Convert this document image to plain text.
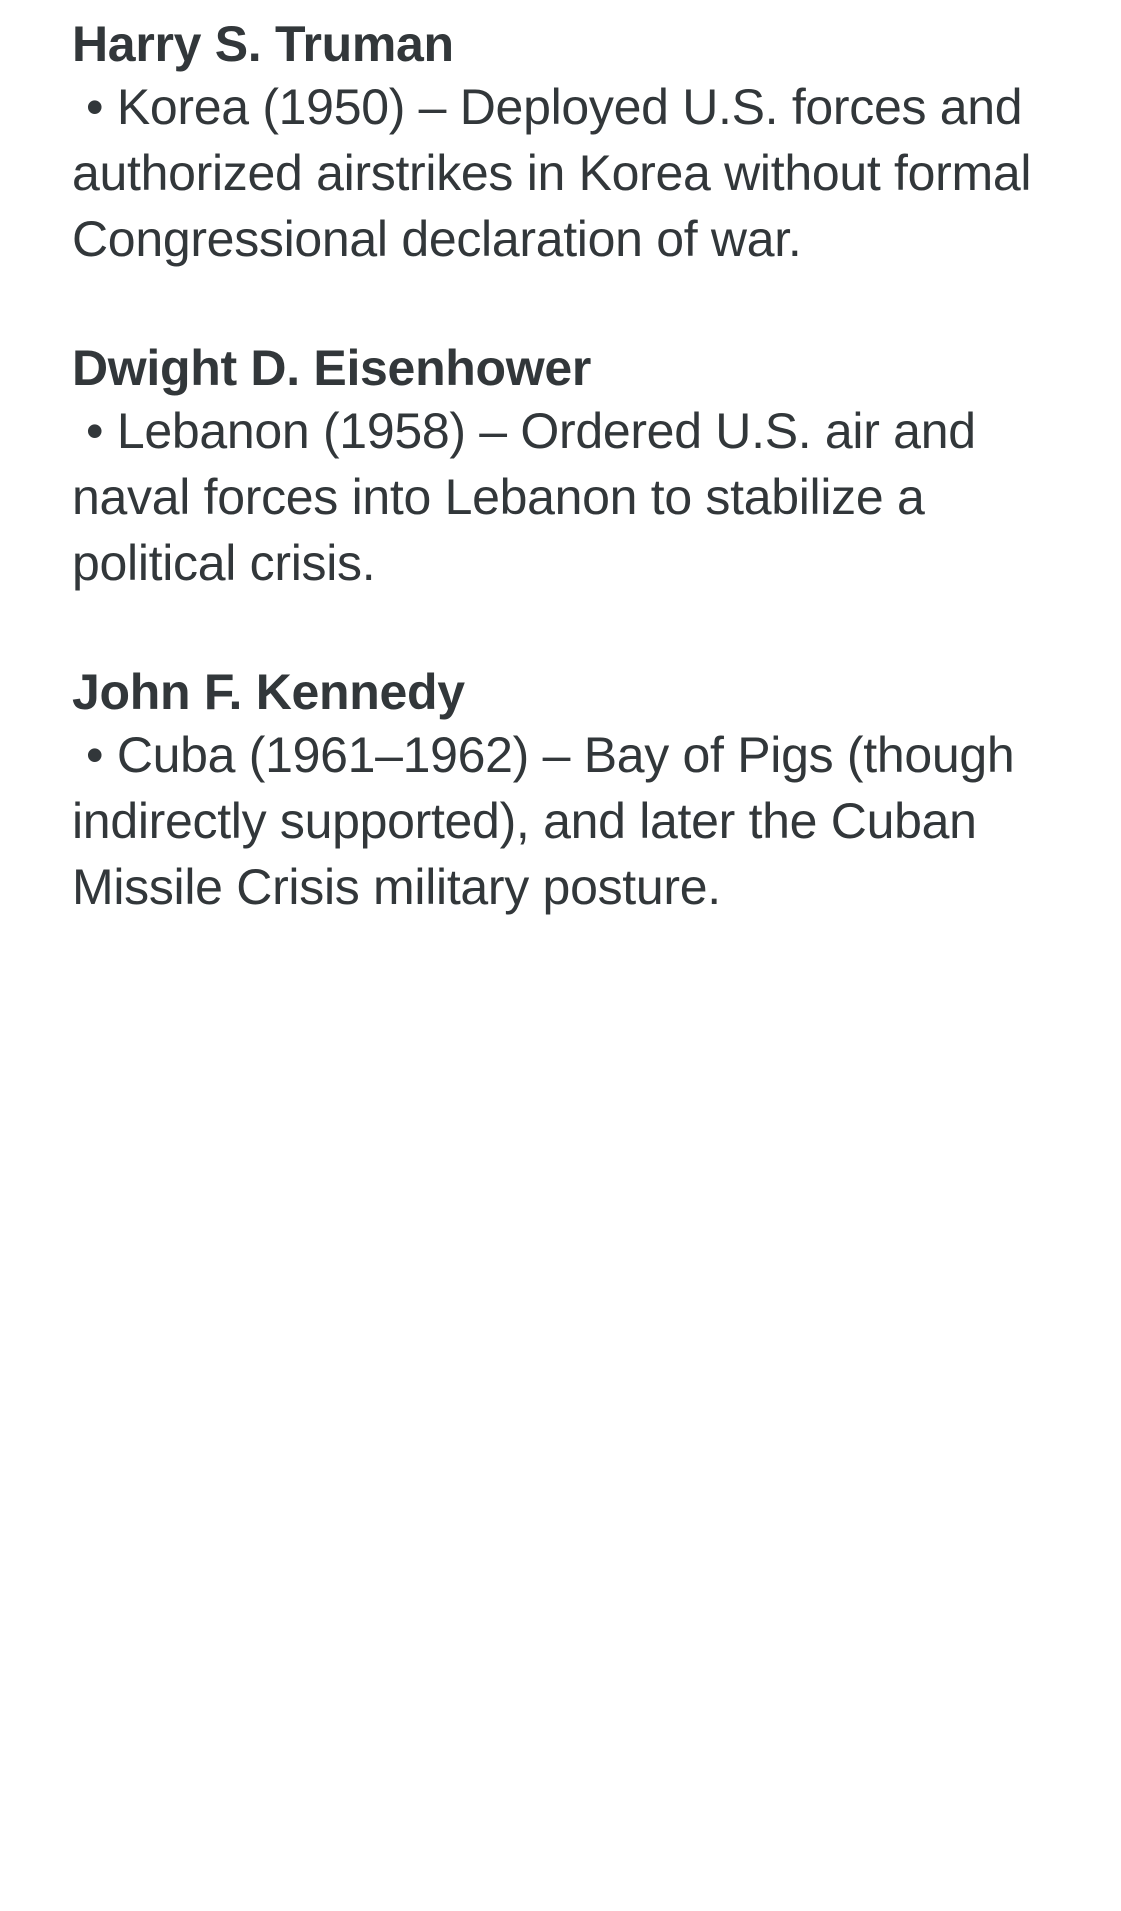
Harry S. Truman

• Korea (1950) – Deployed U.S. forces and authorized airstrikes in Korea without formal Congressional declaration of war.

Dwight D. Eisenhower

• Lebanon (1958) – Ordered U.S. air and naval forces into Lebanon to stabilize a political crisis.

John F. Kennedy

• Cuba (1961–1962) – Bay of Pigs (though indirectly supported), and later the Cuban Missile Crisis military posture.
